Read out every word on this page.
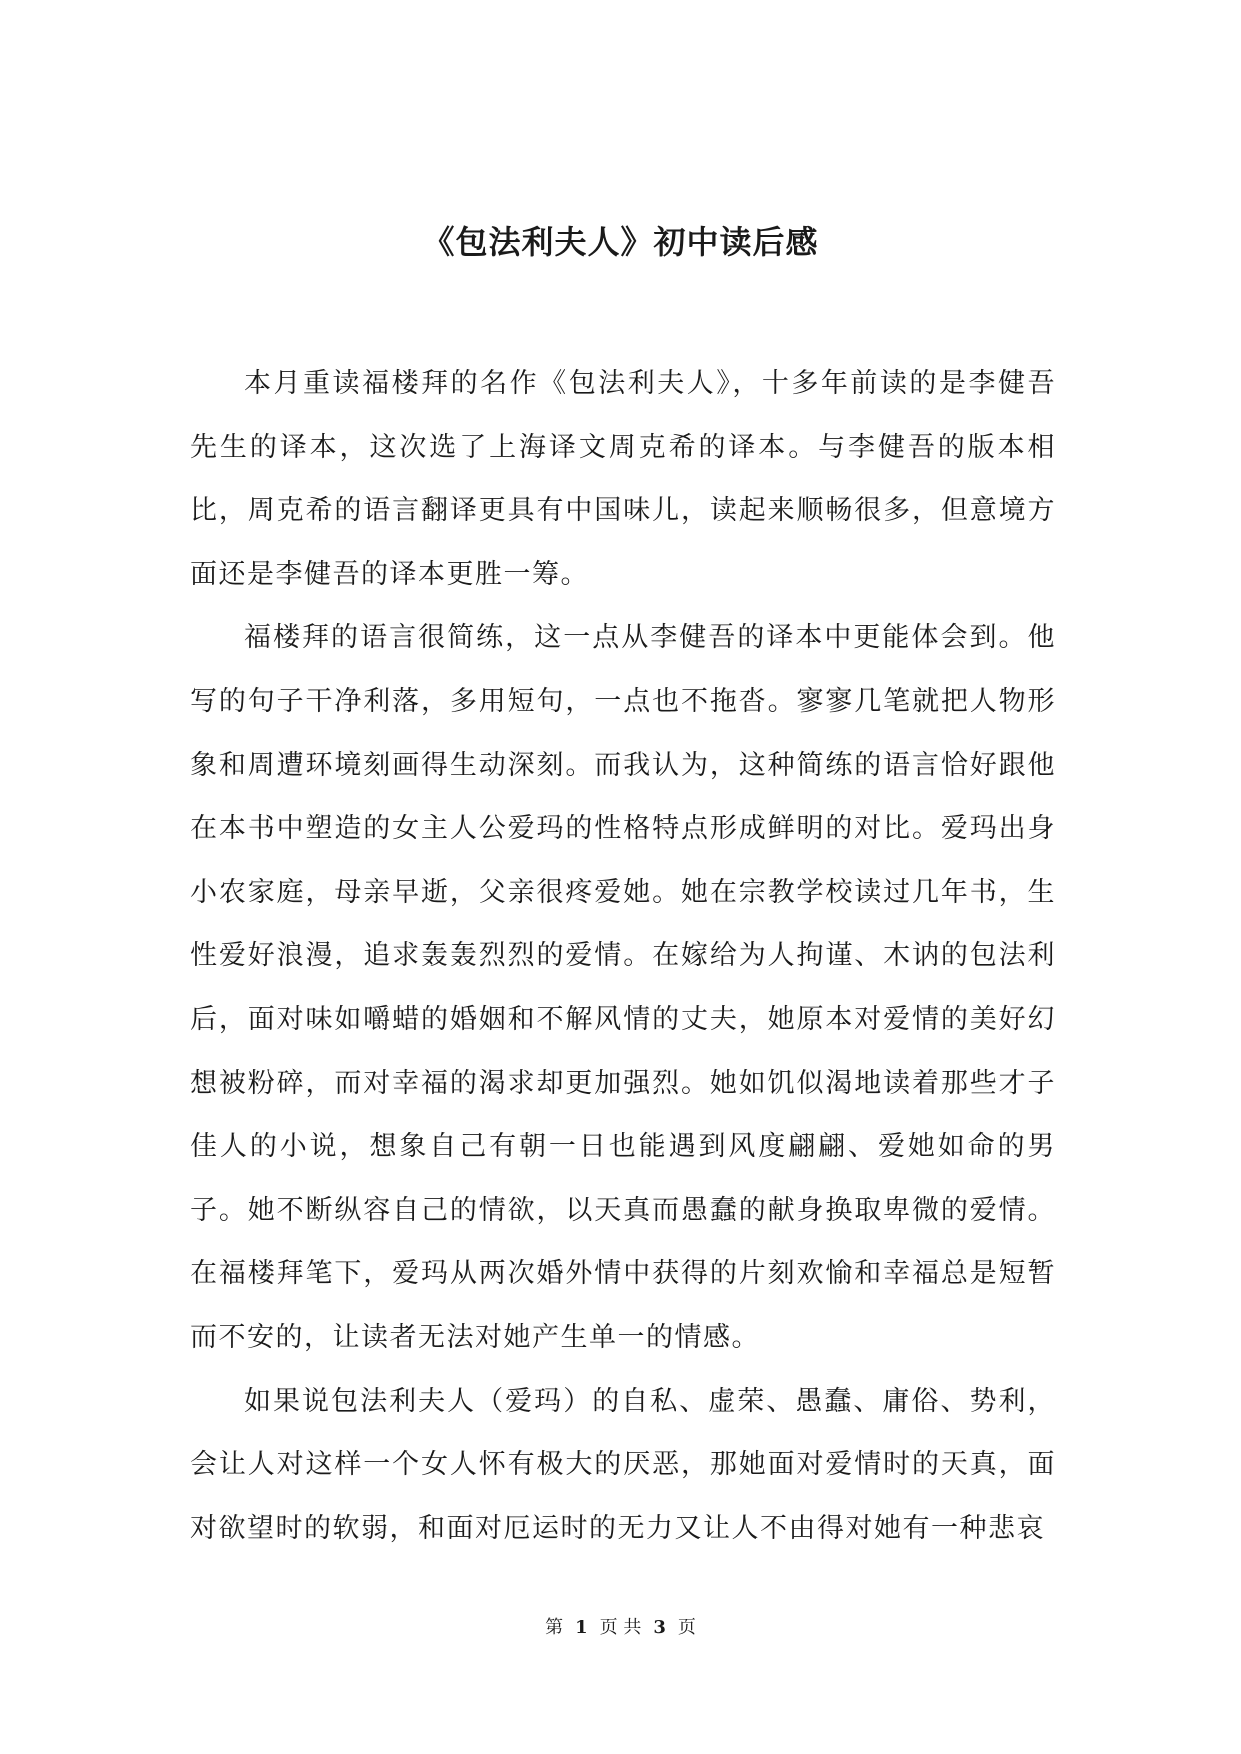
《包法利夫人》初中读后感

本月重读福楼拜的名作《包法利夫人》，十多年前读的是李健吾先生的译本，这次选了上海译文周克希的译本。与李健吾的版本相比，周克希的语言翻译更具有中国味儿，读起来顺畅很多，但意境方面还是李健吾的译本更胜一筹。

福楼拜的语言很简练，这一点从李健吾的译本中更能体会到。他写的句子干净利落，多用短句，一点也不拖沓。寥寥几笔就把人物形象和周遭环境刻画得生动深刻。而我认为，这种简练的语言恰好跟他在本书中塑造的女主人公爱玛的性格特点形成鲜明的对比。爱玛出身小农家庭，母亲早逝，父亲很疼爱她。她在宗教学校读过几年书，生性爱好浪漫，追求轰轰烈烈的爱情。在嫁给为人拘谨、木讷的包法利后，面对味如嚼蜡的婚姻和不解风情的丈夫，她原本对爱情的美好幻想被粉碎，而对幸福的渴求却更加强烈。她如饥似渴地读着那些才子佳人的小说，想象自己有朝一日也能遇到风度翩翩、爱她如命的男子。她不断纵容自己的情欲，以天真而愚蠢的献身换取卑微的爱情。在福楼拜笔下，爱玛从两次婚外情中获得的片刻欢愉和幸福总是短暂而不安的，让读者无法对她产生单一的情感。

如果说包法利夫人（爱玛）的自私、虚荣、愚蠢、庸俗、势利，会让人对这样一个女人怀有极大的厌恶，那她面对爱情时的天真，面对欲望时的软弱，和面对厄运时的无力又让人不由得对她有一种悲哀

第 1 页 共 3 页
